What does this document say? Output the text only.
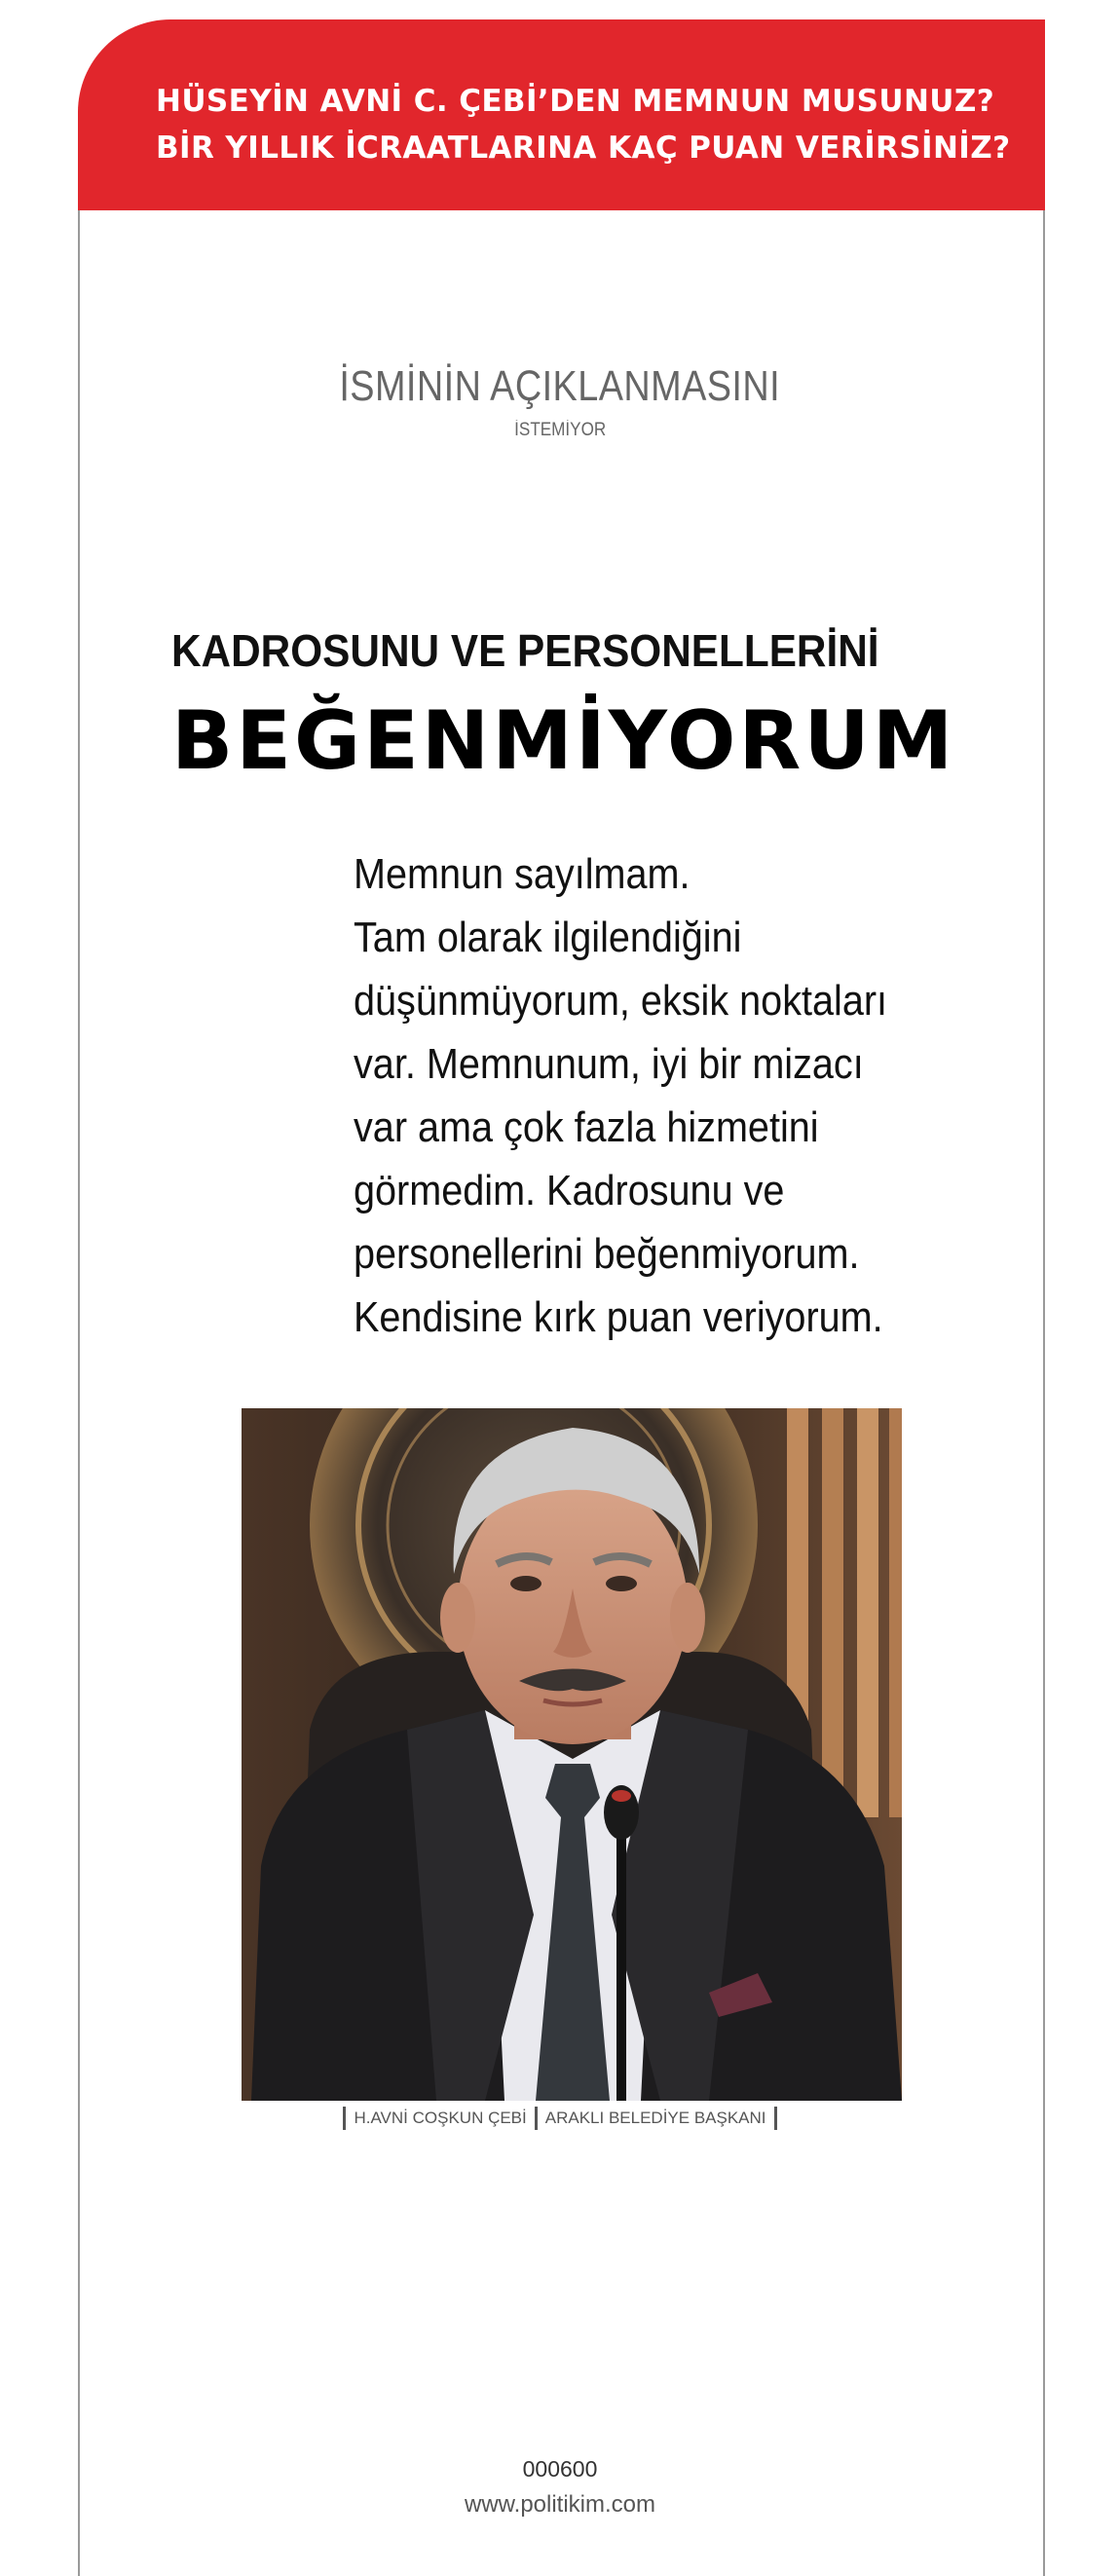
HÜSEYİN AVNİ C. ÇEBİ’DEN MEMNUN MUSUNUZ?
BİR YILLIK İCRAATLARINA KAÇ PUAN VERİRSİNİZ?
İSMİNİN AÇIKLANMASINI
İSTEMİYOR
KADROSUNU VE PERSONELLERİNİ
BEĞENMİYORUM
Memnun sayılmam.
Tam olarak ilgilendiğini
düşünmüyorum, eksik noktaları
var. Memnunum, iyi bir mizacı
var ama çok fazla hizmetini
görmedim. Kadrosunu ve
personellerini beğenmiyorum.
Kendisine kırk puan veriyorum.
H.AVNİ COŞKUN ÇEBİ ARAKLI BELEDİYE BAŞKANI
000600
www.politikim.com
